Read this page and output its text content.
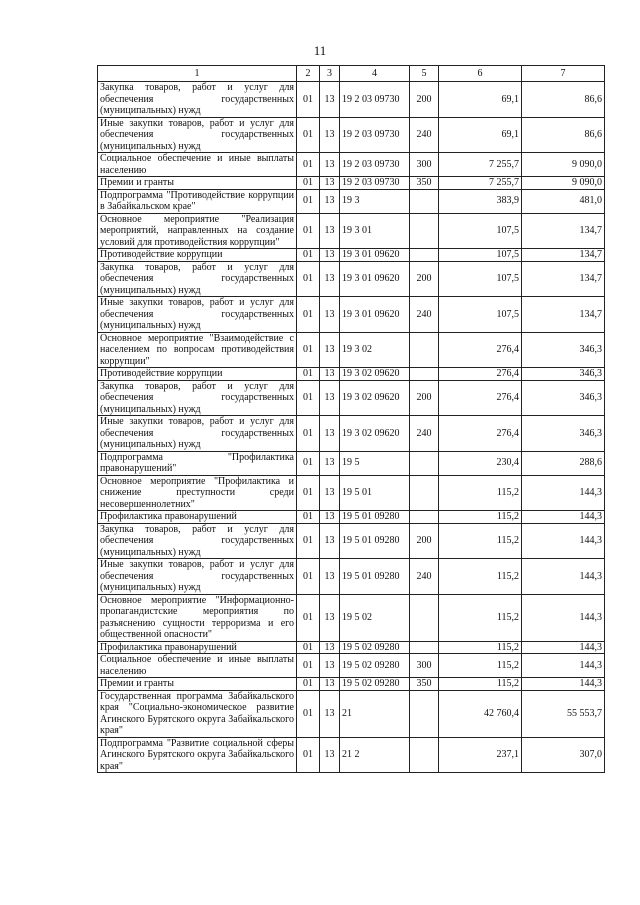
11
1	2	3	4	5	6	7
Закупка товаров, работ и услуг для обеспечения государственных (муниципальных) нужд	01	13	19 2 03 09730	200	69,1	86,6
Иные закупки товаров, работ и услуг для обеспечения государственных (муниципальных) нужд	01	13	19 2 03 09730	240	69,1	86,6
Социальное обеспечение и иные выплаты населению	01	13	19 2 03 09730	300	7 255,7	9 090,0
Премии и гранты	01	13	19 2 03 09730	350	7 255,7	9 090,0
Подпрограмма "Противодействие коррупции в Забайкальском крае"	01	13	19 3		383,9	481,0
Основное мероприятие "Реализация мероприятий, направленных на создание условий для противодействия коррупции"	01	13	19 3 01		107,5	134,7
Противодействие коррупции	01	13	19 3 01 09620		107,5	134,7
Закупка товаров, работ и услуг для обеспечения государственных (муниципальных) нужд	01	13	19 3 01 09620	200	107,5	134,7
Иные закупки товаров, работ и услуг для обеспечения государственных (муниципальных) нужд	01	13	19 3 01 09620	240	107,5	134,7
Основное мероприятие "Взаимодействие с населением по вопросам противодействия коррупции"	01	13	19 3 02		276,4	346,3
Противодействие коррупции	01	13	19 3 02 09620		276,4	346,3
Закупка товаров, работ и услуг для обеспечения государственных (муниципальных) нужд	01	13	19 3 02 09620	200	276,4	346,3
Иные закупки товаров, работ и услуг для обеспечения государственных (муниципальных) нужд	01	13	19 3 02 09620	240	276,4	346,3
Подпрограмма "Профилактика правонарушений"	01	13	19 5		230,4	288,6
Основное мероприятие "Профилактика и снижение преступности среди несовершеннолетних"	01	13	19 5 01		115,2	144,3
Профилактика правонарушений	01	13	19 5 01 09280		115,2	144,3
Закупка товаров, работ и услуг для обеспечения государственных (муниципальных) нужд	01	13	19 5 01 09280	200	115,2	144,3
Иные закупки товаров, работ и услуг для обеспечения государственных (муниципальных) нужд	01	13	19 5 01 09280	240	115,2	144,3
Основное мероприятие "Информационно-пропагандистские мероприятия по разъяснению сущности терроризма и его общественной опасности"	01	13	19 5 02		115,2	144,3
Профилактика правонарушений	01	13	19 5 02 09280		115,2	144,3
Социальное обеспечение и иные выплаты населению	01	13	19 5 02 09280	300	115,2	144,3
Премии и гранты	01	13	19 5 02 09280	350	115,2	144,3
Государственная программа Забайкальского края "Социально-экономическое развитие Агинского Бурятского округа Забайкальского края"	01	13	21		42 760,4	55 553,7
Подпрограмма "Развитие социальной сферы Агинского Бурятского округа Забайкальского края"	01	13	21 2		237,1	307,0
